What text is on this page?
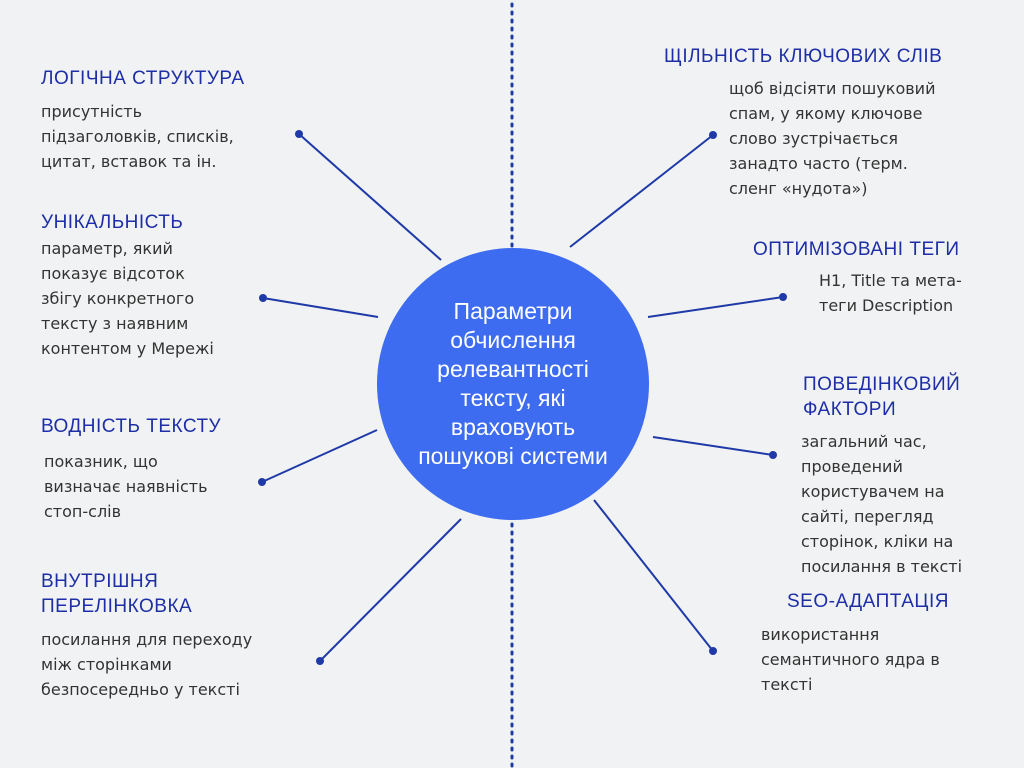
Параметри обчислення релевантності тексту, які враховують пошукові системи
ЛОГІЧНА СТРУКТУРА
присутність
підзаголовків, списків,
цитат, вставок та ін.
УНІКАЛЬНІСТЬ
параметр, який
показує відсоток
збігу конкретного
тексту з наявним
контентом у Мережі
ВОДНІСТЬ ТЕКСТУ
показник, що
визначає наявність
стоп-слів
ВНУТРІШНЯ ПЕРЕЛІНКОВКА
посилання для переходу
між сторінками
безпосередньо у тексті
ЩІЛЬНІСТЬ КЛЮЧОВИХ СЛІВ
щоб відсіяти пошуковий
спам, у якому ключове
слово зустрічається
занадто часто (терм.
сленг «нудота»)
ОПТИМІЗОВАНІ ТЕГИ
H1, Title та мета-
теги Description
ПОВЕДІНКОВИЙ ФАКТОРИ
загальний час,
проведений
користувачем на
сайті, перегляд
сторінок, кліки на
посилання в тексті
SEO-АДАПТАЦІЯ
використання
семантичного ядра в
тексті
